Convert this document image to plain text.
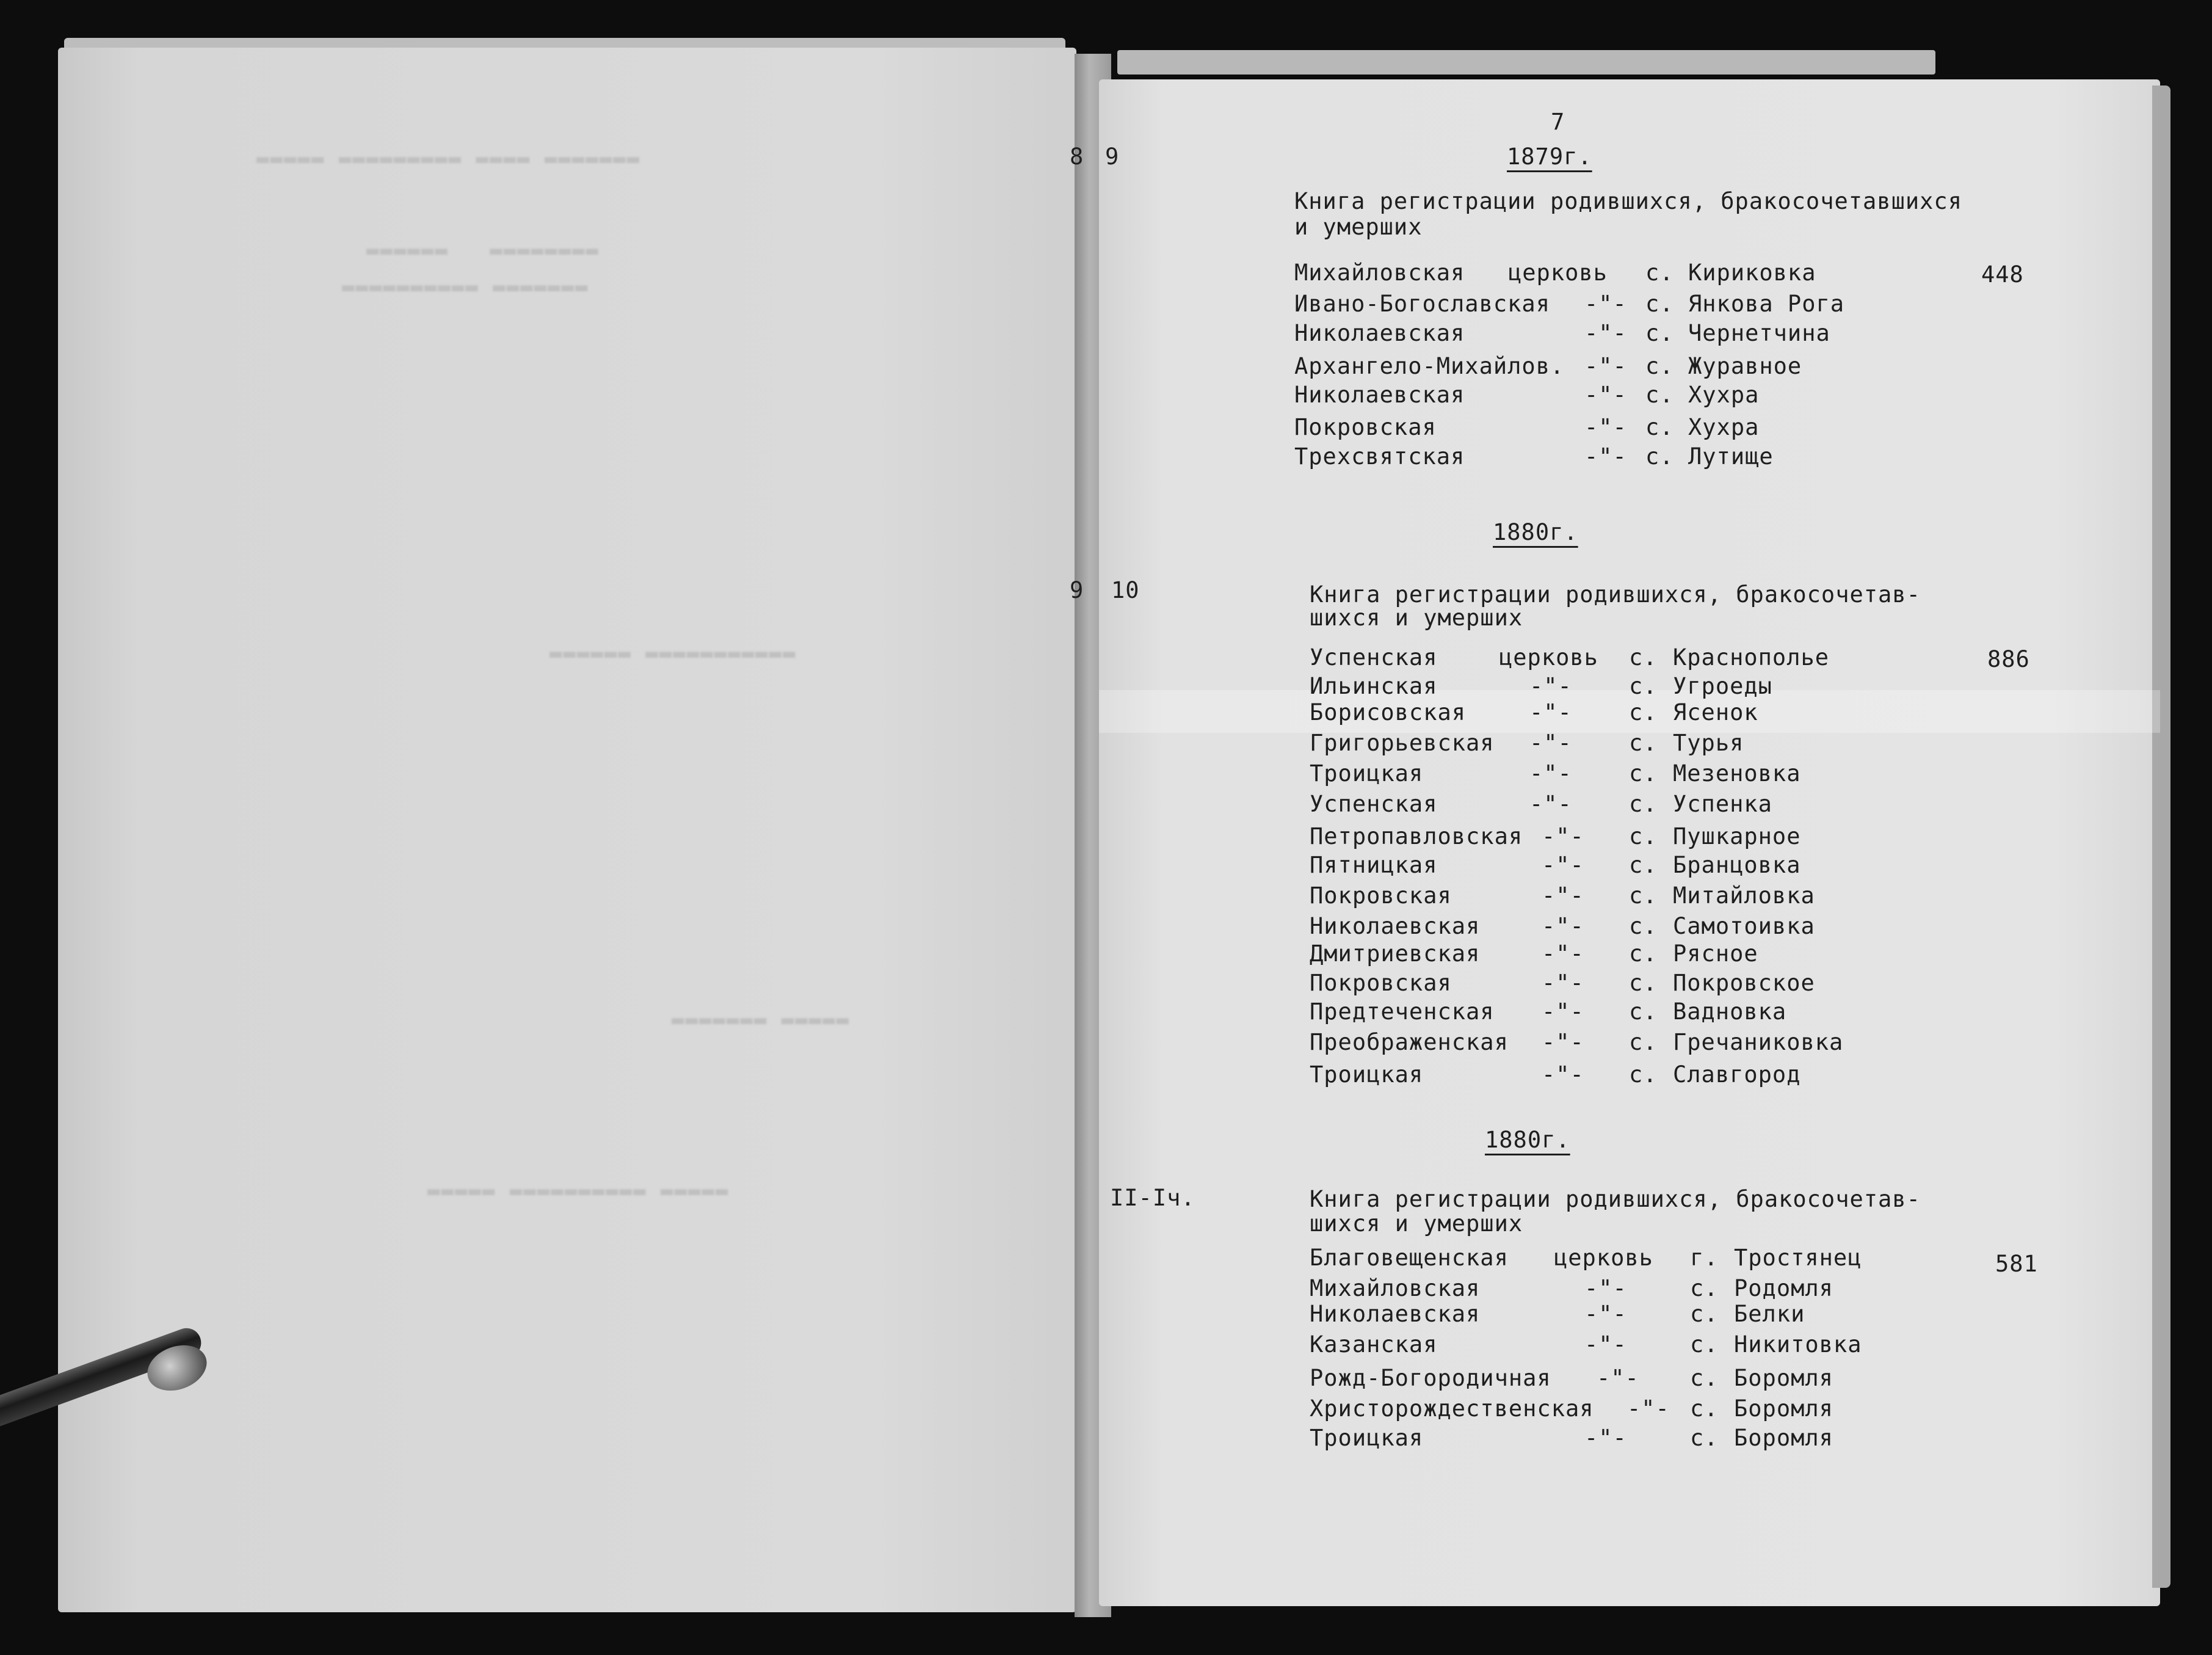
▬▬▬▬▬ ▬▬▬▬▬▬▬▬▬ ▬▬▬▬ ▬▬▬▬▬▬▬
▬▬▬▬▬▬   ▬▬▬▬▬▬▬▬
▬▬▬▬▬▬▬▬▬▬ ▬▬▬▬▬▬▬
▬▬▬▬▬▬ ▬▬▬▬▬▬▬▬▬▬▬
▬▬▬▬▬▬▬ ▬▬▬▬▬
▬▬▬▬▬ ▬▬▬▬▬▬▬▬▬▬ ▬▬▬▬▬
7
8	1879г.
9
Книга регистрации родившихся, бракосочетавшихся
и умерших
448
Михайловская церковь с. Кириковка
Ивано-Богославская -"- с. Янкова Рога
Николаевская	-"- с. Чернетчина
Архангело-Михайлов. -"- с. Журавное
Николаевская	-"- с. Хухра
Покровская	-"- с. Хухра
Трехсвятская	-"- с. Лутище
1880г.
9 10	Книга регистрации родившихся, бракосочетав-
шихся и умерших
886
Успенская	церковь с. Краснополье
Ильинская	-"-	с. Угроеды
Борисовская	-"-	с. Ясенок
Григорьевская -"-	с. Турья
Троицкая	-"-	с. Мезеновка
Успенская	-"-	с. Успенка
Петропавловская -"- с. Пушкарное
Пятницкая	-"- с. Бранцовка
Покровская	-"- с. Митайловка
Николаевская	-"- с. Самотоивка
Дмитриевская	-"- с. Рясное
Покровская	-"- с. Покровское
Предтеченская -"- с. Вадновка
Преображенская -"- с. Гречаниковка
Троицкая	-"- с. Славгород
1880г.
II-Iч.	Книга регистрации родившихся, бракосочетав-
шихся и умерших
581
Благовещенская церковь г. Тростянец
Михайловская	-"-	с. Родомля
Николаевская	-"-	с. Белки
Казанская	-"-	с. Никитовка
Рожд-Богородичная -"- с. Боромля
Христорождественская -"- с. Боромля
Троицкая	-"-	с. Боромля
